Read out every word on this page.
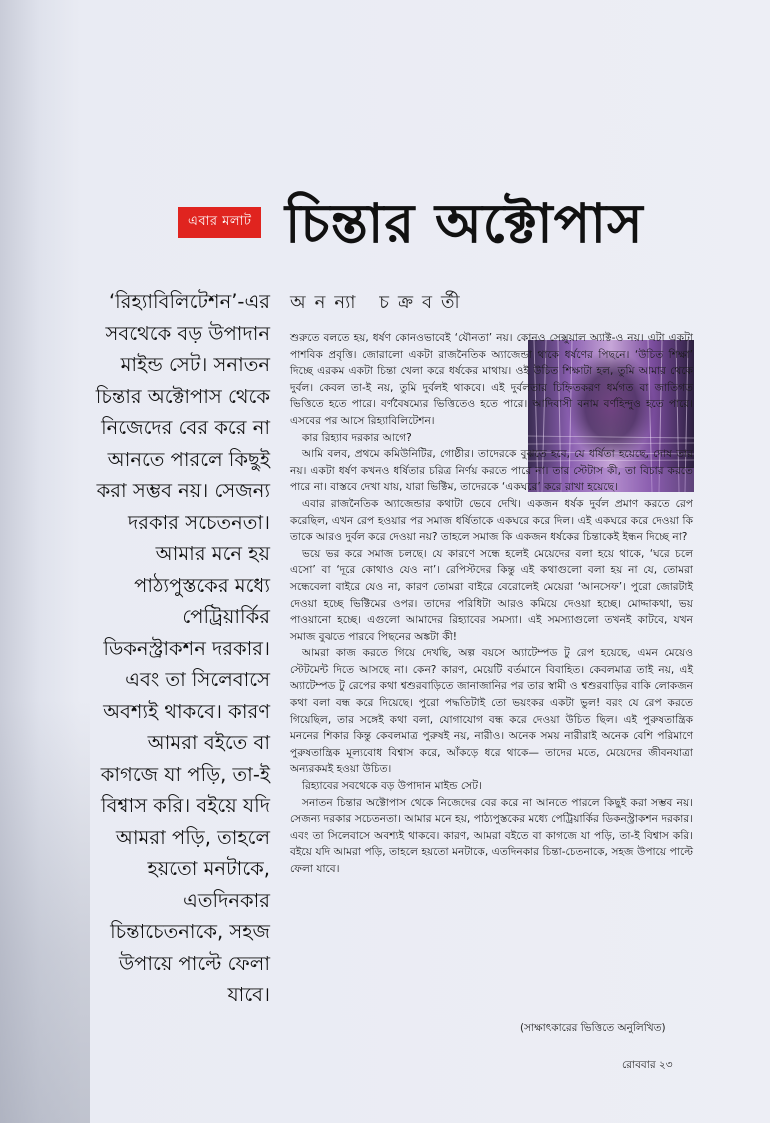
এবার মলাট চিন্তার অক্টোপাস
অনন্যা চক্রবর্তী

‘রিহ্যাবিলিটেশন’-এর সবথেকে বড় উপাদান মাইন্ড সেট। সনাতন চিন্তার অক্টোপাস থেকে নিজেদের বের করে না আনতে পারলে কিছুই করা সম্ভব নয়। সেজন্য দরকার সচেতনতা।

আমার মনে হয় পাঠ্যপুস্তকের মধ্যে পেট্রিয়ার্কির ডিকনস্ট্রাকশন দরকার। এবং তা সিলেবাসে অবশ্যই থাকবে। কারণ আমরা বইতে বা কাগজে যা পড়ি, তা-ই বিশ্বাস করি। বইয়ে যদি আমরা পড়ি, তাহলে হয়তো মনটাকে, এতদিনকার চিন্তাচেতনাকে, সহজ উপায়ে পাল্টে ফেলা যাবে।

শুরুতে বলতে হয়, ধর্ষণ কোনওভাবেই ‘যৌনতা’ নয়। কোনও সেক্সুয়াল অ্যাক্ট-ও নয়। এটা একটা পাশবিক প্রবৃত্তি। জোরালো একটা রাজনৈতিক অ্যাজেন্ডা থাকে ধর্ষণের পিছনে। ‘উচিত শিক্ষা’ দিচ্ছে এরকম একটা চিন্তা খেলা করে ধর্ষকের মাথায়। ওই উচিত শিক্ষাটা হল, তুমি আমার থেকে দুর্বল। কেবল তা-ই নয়, তুমি দুর্বলই থাকবে। এই দুর্বলতার চিহ্নিতকরণ ধর্মগত বা জাতিগত ভিত্তিতে হতে পারে। বর্ণবৈষম্যের ভিত্তিতেও হতে পারে। আদিবাসী বনাম বর্ণহিন্দুও হতে পারে। এসবের পর আসে রিহ্যাবিলিটেশন।

কার রিহ্যাব দরকার আগে?

আমি বলব, প্রথমে কমিউনিটির, গোষ্ঠীর। তাদেরকে বুঝতে হবে, যে ধর্ষিতা হয়েছে, দোষ তার নয়। একটা ধর্ষণ কখনও ধর্ষিতার চরিত্র নির্ণয় করতে পারে না। তার স্টেটাস কী, তা বিচার করতে পারে না। বাস্তবে দেখা যায়, যারা ভিক্টিম, তাদেরকে ‘একঘরে’ করে রাখা হয়েছে।

এবার রাজনৈতিক অ্যাজেন্ডার কথাটা ভেবে দেখি। একজন ধর্ষক দুর্বল প্রমাণ করতে রেপ করেছিল, এখন রেপ হওয়ার পর সমাজ ধর্ষিতাকে একঘরে করে দিল। এই একঘরে করে দেওয়া কি তাকে আরও দুর্বল করে দেওয়া নয়? তাহলে সমাজ কি একজন ধর্ষকের চিন্তাকেই ইন্ধন দিচ্ছে না?

ভয়ে ভর করে সমাজ চলছে। যে কারণে সন্ধে হলেই মেয়েদের বলা হয়ে থাকে, ‘ঘরে চলে এসো’ বা ‘দূরে কোথাও যেও না’। রেপিস্টদের কিন্তু এই কথাগুলো বলা হয় না যে, তোমরা সন্ধেবেলা বাইরে যেও না, কারণ তোমরা বাইরে বেরোলেই মেয়েরা ‘আনসেফ’। পুরো জোরটাই দেওয়া হচ্ছে ভিক্টিমের ওপর। তাদের পরিধিটা আরও কমিয়ে দেওয়া হচ্ছে। মোদ্দাকথা, ভয় পাওয়ানো হচ্ছে। এগুলো আমাদের রিহ্যাবের সমস্যা। এই সমস্যাগুলো তখনই কাটবে, যখন সমাজ বুঝতে পারবে পিছনের অঙ্কটা কী!

আমরা কাজ করতে গিয়ে দেখছি, অল্প বয়সে অ্যাটেম্পড টু রেপ হয়েছে, এমন মেয়েও স্টেটমেন্ট দিতে আসছে না। কেন? কারণ, মেয়েটি বর্তমানে বিবাহিত। কেবলমাত্র তাই নয়, এই অ্যাটেম্পড টু রেপের কথা শ্বশুরবাড়িতে জানাজানির পর তার স্বামী ও শ্বশুরবাড়ির বাকি লোকজন কথা বলা বন্ধ করে দিয়েছে। পুরো পদ্ধতিটাই তো ভয়ংকর একটা ভুল! বরং যে রেপ করতে গিয়েছিল, তার সঙ্গেই কথা বলা, যোগাযোগ বন্ধ করে দেওয়া উচিত ছিল। এই পুরুষতান্ত্রিক মননের শিকার কিন্তু কেবলমাত্র পুরুষই নয়, নারীও। অনেক সময় নারীরাই অনেক বেশি পরিমাণে পুরুষতান্ত্রিক মূল্যবোধ বিশ্বাস করে, আঁকড়ে ধরে থাকে— তাদের মতে, মেয়েদের জীবনযাত্রা অন্যরকমই হওয়া উচিত।

রিহ্যাবের সবথেকে বড় উপাদান মাইন্ড সেট।

সনাতন চিন্তার অক্টোপাস থেকে নিজেদের বের করে না আনতে পারলে কিছুই করা সম্ভব নয়। সেজন্য দরকার সচেতনতা। আমার মনে হয়, পাঠ্যপুস্তকের মধ্যে পেট্রিয়ার্কির ডিকনস্ট্রাকশন দরকার। এবং তা সিলেবাসে অবশ্যই থাকবে। কারণ, আমরা বইতে বা কাগজে যা পড়ি, তা-ই বিশ্বাস করি। বইয়ে যদি আমরা পড়ি, তাহলে হয়তো মনটাকে, এতদিনকার চিন্তা-চেতনাকে, সহজ উপায়ে পাল্টে ফেলা যাবে।

(সাক্ষাৎকারের ভিত্তিতে অনুলিখিত)
রোববার ২৩
